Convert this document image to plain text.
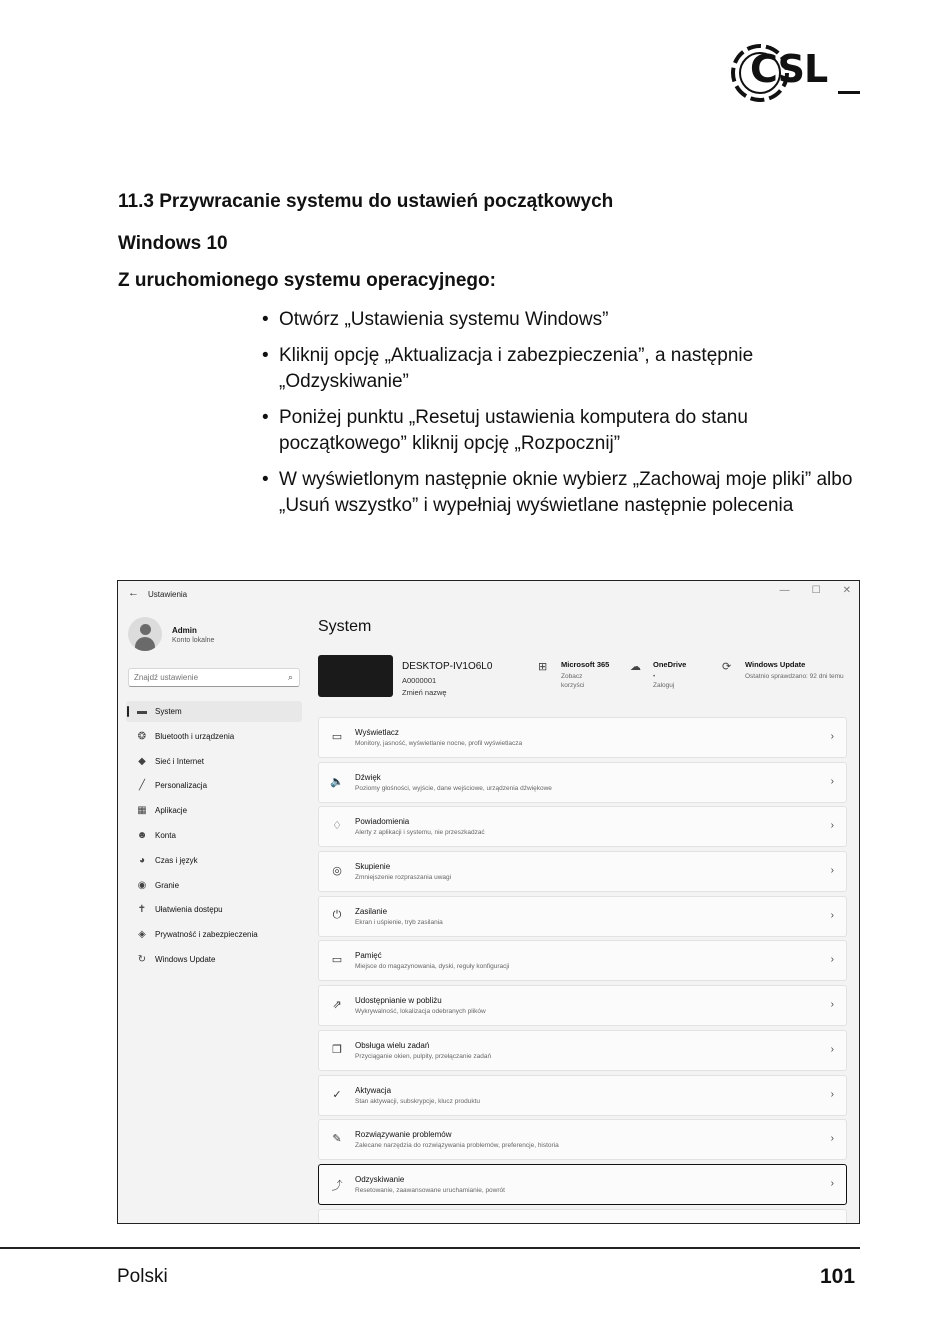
CSL
11.3 Przywracanie systemu do ustawień początkowych
Windows 10
Z uruchomionego systemu operacyjnego:
• Otwórz „Ustawienia systemu Windows”
• Kliknij opcję „Aktualizacja i zabezpieczenia”, a następnie „Odzyskiwanie”
• Poniżej punktu „Resetuj ustawienia komputera do stanu początkowego” kliknij opcję „Rozpocznij”
• W wyświetlonym następnie oknie wybierz „Zachowaj moje pliki” albo „Usuń wszystko” i wypełniaj wyświetlane następnie polecenia
← Ustawienia	— ☐ ✕
Admin
Konto lokalne
Znajdź ustawienie
⌕
▬ System
❂	Bluetooth i urządzenia
◆	Sieć i Internet
╱	Personalizacja
▦ Aplikacje
☻ Konta
◕	Czas i język
◉	Granie
✝	Ułatwienia dostępu
◈	Prywatność i zabezpieczenia
↻	Windows Update
System
DESKTOP-IV1O6L0
A0000001
Zmień nazwę
⊞ Microsoft 365
Zobacz korzyści
☁ OneDrive
• Zaloguj
⟳ Windows Update
Ostatnio sprawdzano: 92 dni temu
▭ Wyświetlacz
Monitory, jasność, wyświetlanie nocne, profil wyświetlacza
›
🔈 Dźwięk
Poziomy głośności, wyjście, dane wejściowe, urządzenia dźwiękowe
›
♢ Powiadomienia
Alerty z aplikacji i systemu, nie przeszkadzać
›
◎ Skupienie
Zmniejszenie rozpraszania uwagi
›
⏻	Zasilanie
Ekran i uśpienie, tryb zasilania
›
▭ Pamięć
Miejsce do magazynowania, dyski, reguły konfiguracji
›
⇗ Udostępnianie w pobliżu
Wykrywalność, lokalizacja odebranych plików
›
❐ Obsługa wielu zadań
Przyciąganie okien, pulpity, przełączanie zadań
›
✓ Aktywacja
Stan aktywacji, subskrypcje, klucz produktu
›
✎ Rozwiązywanie problemów
Zalecane narzędzia do rozwiązywania problemów, preferencje, historia
›
⤴
Odzyskiwanie
Resetowanie, zaawansowane uruchamianie, powrót
›
Polski	101
